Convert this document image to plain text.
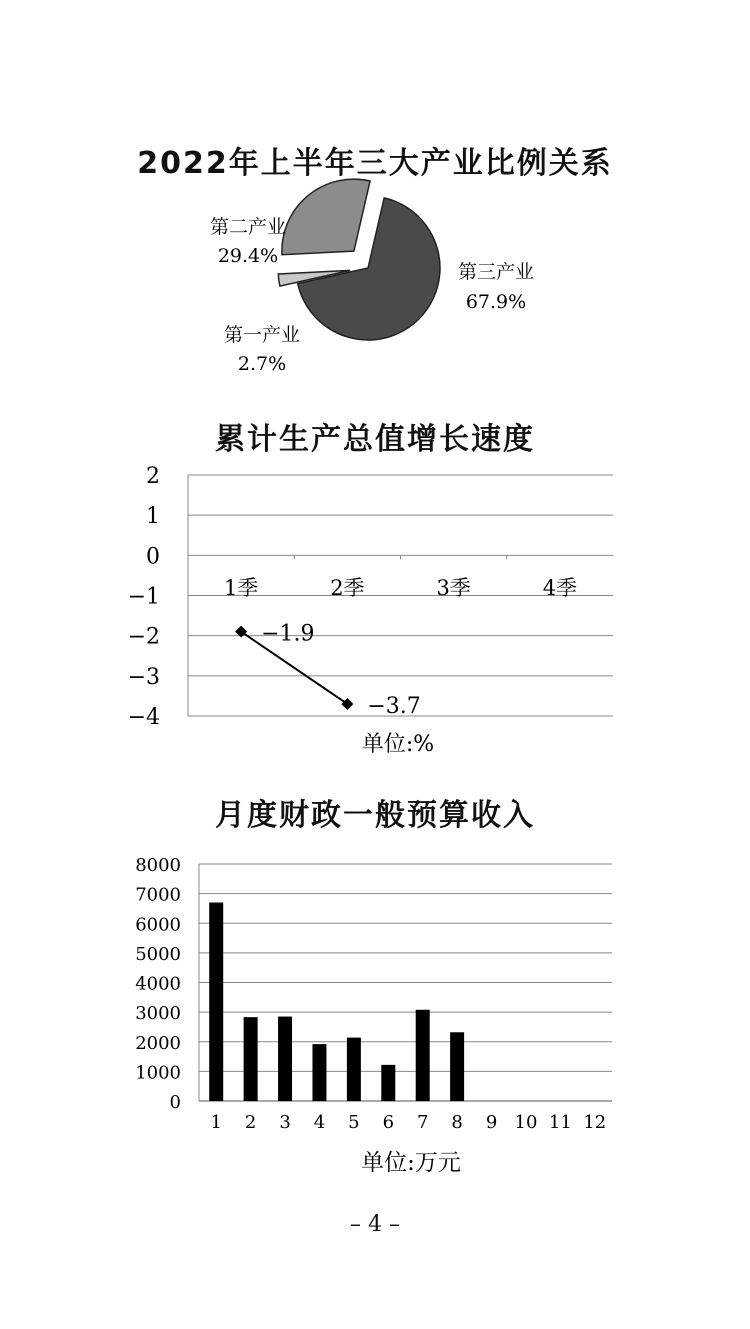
2022年上半年三大产业比例关系
第一产业
2.7%
第二产业
29.4%
第三产业
67.9%
累计生产总值增长速度
2
1
0
−1
−2
−3
−4
1季	2季	3季	4季
−1.9
−3.7
单位:%
月度财政一般预算收入
8000
7000
6000
5000
4000
3000
2000
1000
0
1 2 3 4 5 6 7 8 9 10 11 12
单位:万元
– 4 –
